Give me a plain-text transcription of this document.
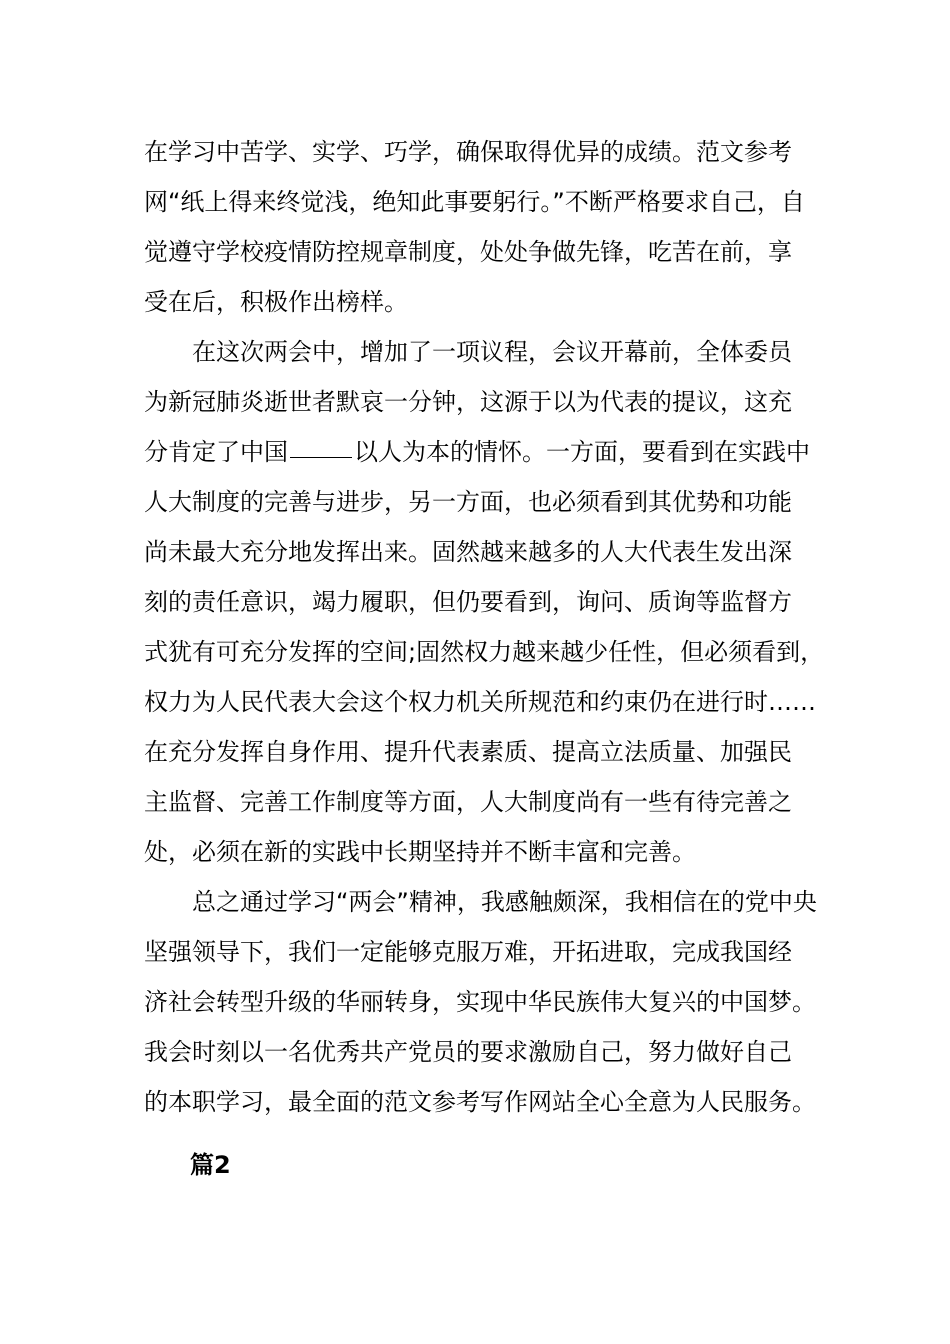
在学习中苦学、实学、巧学，确保取得优异的成绩。范文参考
网“纸上得来终觉浅，绝知此事要躬行。”不断严格要求自己，自
觉遵守学校疫情防控规章制度，处处争做先锋，吃苦在前，享
受在后，积极作出榜样。

在这次两会中，增加了一项议程，会议开幕前，全体委员
为新冠肺炎逝世者默哀一分钟，这源于以为代表的提议，这充
分肯定了中国	以人为本的情怀。一方面，要看到在实践中
人大制度的完善与进步，另一方面，也必须看到其优势和功能
尚未最大充分地发挥出来。固然越来越多的人大代表生发出深
刻的责任意识，竭力履职，但仍要看到，询问、质询等监督方
式犹有可充分发挥的空间;固然权力越来越少任性，但必须看到，
权力为人民代表大会这个权力机关所规范和约束仍在进行时……
在充分发挥自身作用、提升代表素质、提高立法质量、加强民
主监督、完善工作制度等方面，人大制度尚有一些有待完善之
处，必须在新的实践中长期坚持并不断丰富和完善。

总之通过学习“两会”精神，我感触颇深，我相信在的党中央
坚强领导下，我们一定能够克服万难，开拓进取，完成我国经
济社会转型升级的华丽转身，实现中华民族伟大复兴的中国梦。
我会时刻以一名优秀共产党员的要求激励自己，努力做好自己
的本职学习，最全面的范文参考写作网站全心全意为人民服务。

篇2
